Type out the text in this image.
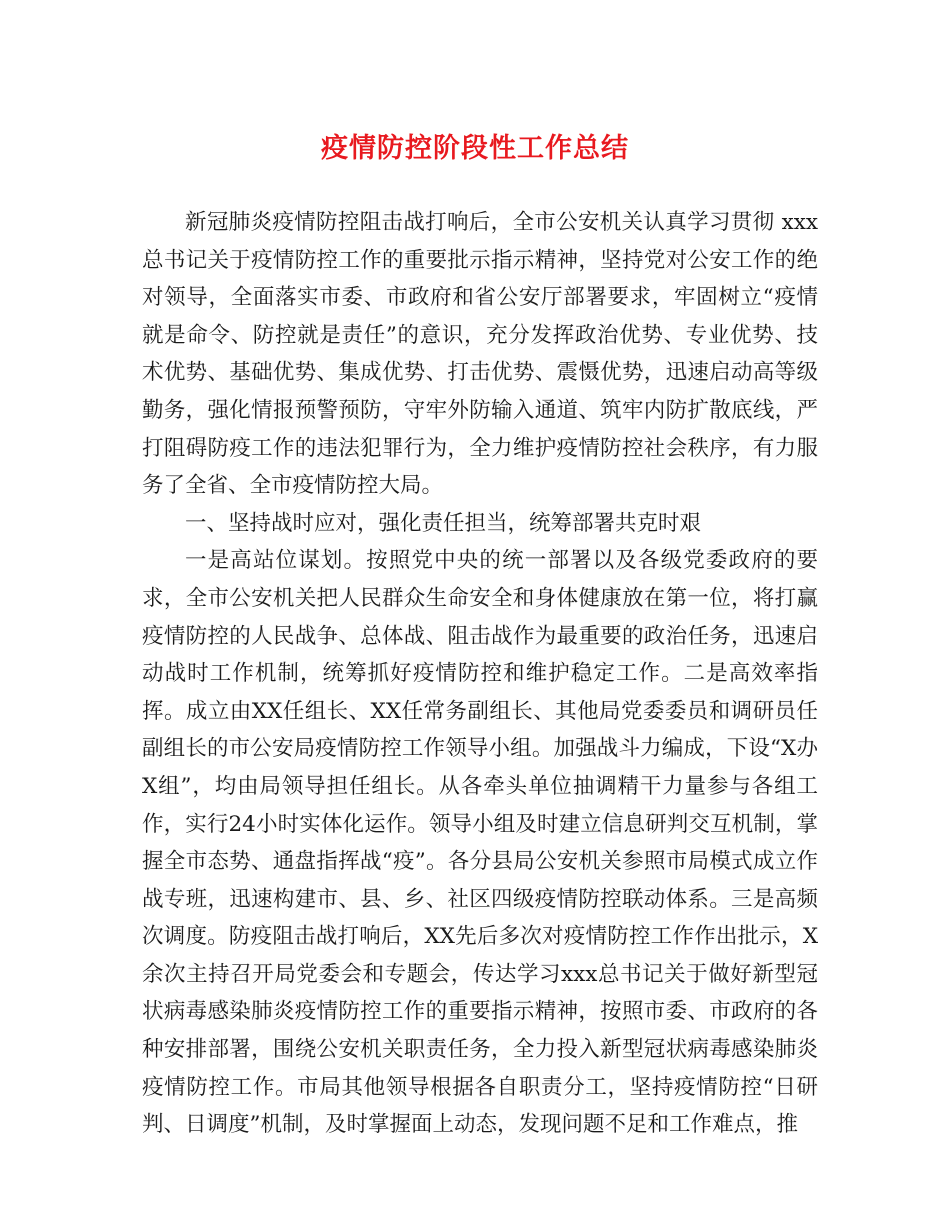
疫情防控阶段性工作总结

新冠肺炎疫情防控阻击战打响后，全市公安机关认真学习贯彻 xxx 总书记关于疫情防控工作的重要批示指示精神，坚持党对公安工作的绝对领导，全面落实市委、市政府和省公安厅部署要求，牢固树立“疫情就是命令、防控就是责任”的意识，充分发挥政治优势、专业优势、技术优势、基础优势、集成优势、打击优势、震慑优势，迅速启动高等级勤务，强化情报预警预防，守牢外防输入通道、筑牢内防扩散底线，严打阻碍防疫工作的违法犯罪行为，全力维护疫情防控社会秩序，有力服务了全省、全市疫情防控大局。

一、坚持战时应对，强化责任担当，统筹部署共克时艰

一是高站位谋划。按照党中央的统一部署以及各级党委政府的要求，全市公安机关把人民群众生命安全和身体健康放在第一位，将打赢疫情防控的人民战争、总体战、阻击战作为最重要的政治任务，迅速启动战时工作机制，统筹抓好疫情防控和维护稳定工作。二是高效率指挥。成立由XX任组长、XX任常务副组长、其他局党委委员和调研员任副组长的市公安局疫情防控工作领导小组。加强战斗力编成，下设“X办X组”，均由局领导担任组长。从各牵头单位抽调精干力量参与各组工作，实行24小时实体化运作。领导小组及时建立信息研判交互机制，掌握全市态势、通盘指挥战“疫”。各分县局公安机关参照市局模式成立作战专班，迅速构建市、县、乡、社区四级疫情防控联动体系。三是高频次调度。防疫阻击战打响后，XX先后多次对疫情防控工作作出批示，X余次主持召开局党委会和专题会，传达学习xxx总书记关于做好新型冠状病毒感染肺炎疫情防控工作的重要指示精神，按照市委、市政府的各种安排部署，围绕公安机关职责任务，全力投入新型冠状病毒感染肺炎疫情防控工作。市局其他领导根据各自职责分工，坚持疫情防控“日研判、日调度”机制，及时掌握面上动态，发现问题不足和工作难点，推
